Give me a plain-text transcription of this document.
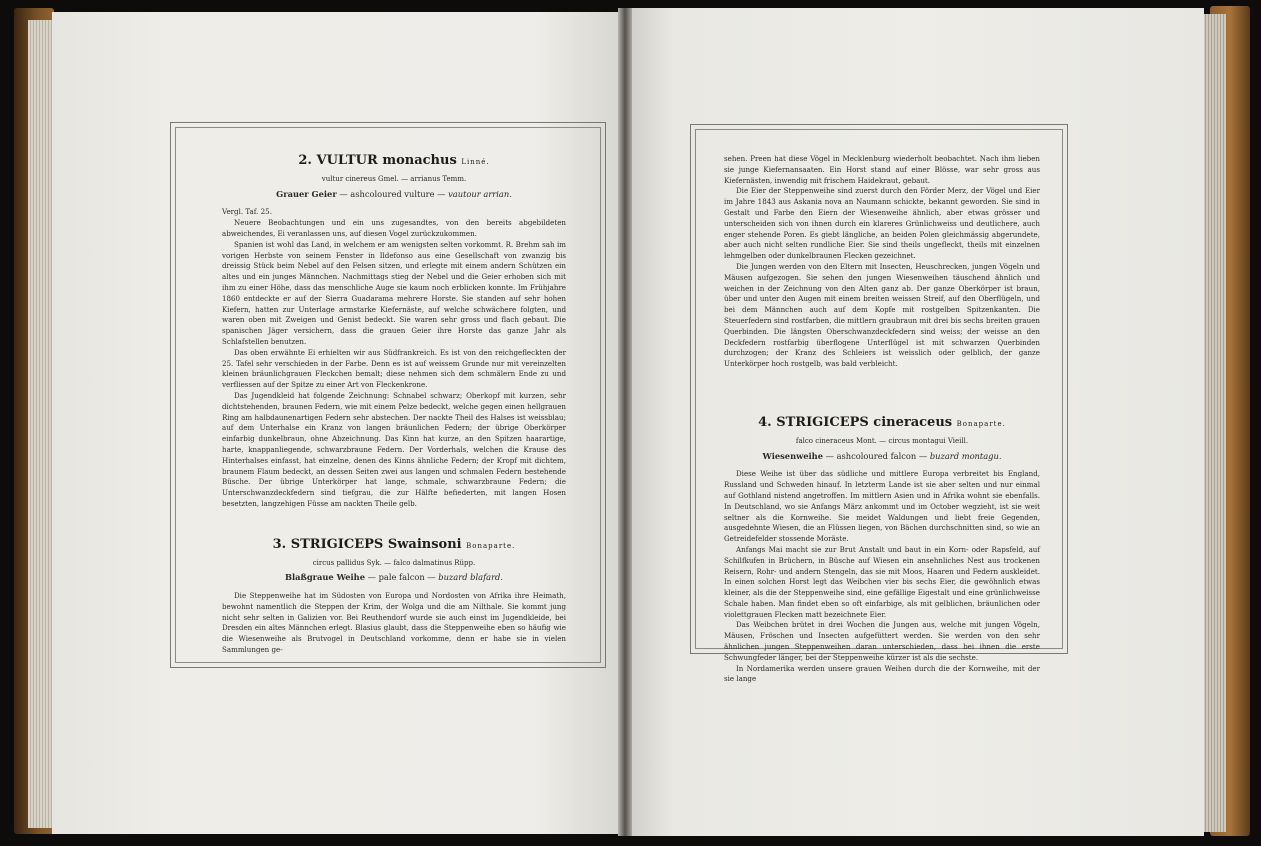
2. VULTUR monachus Linné.
vultur cinereus Gmel. — arrianus Temm.
Grauer Geier — ashcoloured vulture — vautour arrian.

Vergl. Taf. 25.

Neuere Beobachtungen und ein uns zugesandtes, von den bereits abgebildeten abweichendes, Ei veranlassen uns, auf diesen Vogel zurückzukommen.

Spanien ist wohl das Land, in welchem er am wenigsten selten vorkommt. R. Brehm sah im vorigen Herbste von seinem Fenster in Ildefonso aus eine Gesellschaft von zwanzig bis dreissig Stück beim Nebel auf den Felsen sitzen, und erlegte mit einem andern Schützen ein altes und ein junges Männchen. Nachmittags stieg der Nebel und die Geier erhoben sich mit ihm zu einer Höhe, dass das menschliche Auge sie kaum noch erblicken konnte. Im Frühjahre 1860 entdeckte er auf der Sierra Guadarama mehrere Horste. Sie standen auf sehr hohen Kiefern, hatten zur Unterlage armstarke Kiefernäste, auf welche schwächere folgten, und waren oben mit Zweigen und Genist bedeckt. Sie waren sehr gross und flach gebaut. Die spanischen Jäger versichern, dass die grauen Geier ihre Horste das ganze Jahr als Schlafstellen benutzen.

Das oben erwähnte Ei erhielten wir aus Südfrankreich. Es ist von den reichgefleckten der 25. Tafel sehr verschieden in der Farbe. Denn es ist auf weissem Grunde nur mit vereinzelten kleinen bräunlichgrauen Fleckchen bemalt; diese nehmen sich dem schmälern Ende zu und verfliessen auf der Spitze zu einer Art von Fleckenkrone.

Das Jugendkleid hat folgende Zeichnung: Schnabel schwarz; Oberkopf mit kurzen, sehr dichtstehenden, braunen Federn, wie mit einem Pelze bedeckt, welche gegen einen hellgrauen Ring am halbdaunenartigen Federn sehr abstechen. Der nackte Theil des Halses ist weissblau; auf dem Unterhalse ein Kranz von langen bräunlichen Federn; der übrige Oberkörper einfarbig dunkelbraun, ohne Abzeichnung. Das Kinn hat kurze, an den Spitzen haarartige, harte, knappanliegende, schwarzbraune Federn. Der Vorderhals, welchen die Krause des Hinterhalses einfasst, hat einzelne, denen des Kinns ähnliche Federn; der Kropf mit dichtem, braunem Flaum bedeckt, an dessen Seiten zwei aus langen und schmalen Federn bestehende Büsche. Der übrige Unterkörper hat lange, schmale, schwarzbraune Federn; die Unterschwanzdeckfedern sind tiefgrau, die zur Hälfte befiederten, mit langen Hosen besetzten, langzehigen Füsse am nackten Theile gelb.

3. STRIGICEPS Swainsoni Bonaparte.
circus pallidus Syk. — falco dalmatinus Rüpp.
Blaßgraue Weihe — pale falcon — buzard blafard.

Die Steppenweihe hat im Südosten von Europa und Nordosten von Afrika ihre Heimath, bewohnt namentlich die Steppen der Krim, der Wolga und die am Nilthale. Sie kommt jung nicht sehr selten in Galizien vor. Bei Reuthendorf wurde sie auch einst im Jugendkleide, bei Dresden ein altes Männchen erlegt. Blasius glaubt, dass die Steppenweihe eben so häufig wie die Wiesenweihe als Brutvogel in Deutschland vorkomme, denn er habe sie in vielen Sammlungen ge-

sehen. Preen hat diese Vögel in Mecklenburg wiederholt beobachtet. Nach ihm lieben sie junge Kiefernansaaten. Ein Horst stand auf einer Blösse, war sehr gross aus Kiefernästen, inwendig mit frischem Haidekraut, gebaut.

Die Eier der Steppenweihe sind zuerst durch den Förder Merz, der Vögel und Eier im Jahre 1843 aus Askania nova an Naumann schickte, bekannt geworden. Sie sind in Gestalt und Farbe den Eiern der Wiesenweihe ähnlich, aber etwas grösser und unterscheiden sich von ihnen durch ein klareres Grünlichweiss und deutlichere, auch enger stehende Poren. Es giebt längliche, an beiden Polen gleichmässig abgerundete, aber auch nicht selten rundliche Eier. Sie sind theils ungefleckt, theils mit einzelnen lehmgelben oder dunkelbraunen Flecken gezeichnet.

Die Jungen werden von den Eltern mit Insecten, Heuschrecken, jungen Vögeln und Mäusen aufgezogen. Sie sehen den jungen Wiesenweihen täuschend ähnlich und weichen in der Zeichnung von den Alten ganz ab. Der ganze Oberkörper ist braun, über und unter den Augen mit einem breiten weissen Streif, auf den Oberflügeln, und bei dem Männchen auch auf dem Kopfe mit rostgelben Spitzenkanten. Die Steuerfedern sind rostfarben, die mittlern graubraun mit drei bis sechs breiten grauen Querbinden. Die längsten Oberschwanzdeckfedern sind weiss; der weisse an den Deckfedern rostfarbig überflogene Unterflügel ist mit schwarzen Querbinden durchzogen; der Kranz des Schleiers ist weisslich oder gelblich, der ganze Unterkörper hoch rostgelb, was bald verbleicht.

4. STRIGICEPS cineraceus Bonaparte.
falco cineraceus Mont. — circus montagui Vieill.
Wiesenweihe — ashcoloured falcon — buzard montagu.

Diese Weihe ist über das südliche und mittlere Europa verbreitet bis England, Russland und Schweden hinauf. In letzterm Lande ist sie aber selten und nur einmal auf Gothland nistend angetroffen. Im mittlern Asien und in Afrika wohnt sie ebenfalls. In Deutschland, wo sie Anfangs März ankommt und im October wegzieht, ist sie weit seltner als die Kornweihe. Sie meidet Waldungen und liebt freie Gegenden, ausgedehnte Wiesen, die an Flüssen liegen, von Bächen durchschnitten sind, so wie an Getreidefelder stossende Moräste.

Anfangs Mai macht sie zur Brut Anstalt und baut in ein Korn- oder Rapsfeld, auf Schilfkufen in Brüchern, in Büsche auf Wiesen ein ansehnliches Nest aus trockenen Reisern, Rohr- und andern Stengeln, das sie mit Moos, Haaren und Federn auskleidet. In einen solchen Horst legt das Weibchen vier bis sechs Eier, die gewöhnlich etwas kleiner, als die der Steppenweihe sind, eine gefällige Eigestalt und eine grünlichweisse Schale haben. Man findet eben so oft einfarbige, als mit gelblichen, bräunlichen oder violettgrauen Flecken matt bezeichnete Eier.

Das Weibchen brütet in drei Wochen die Jungen aus, welche mit jungen Vögeln, Mäusen, Fröschen und Insecten aufgefüttert werden. Sie werden von den sehr ähnlichen jungen Steppenweihen daran unterschieden, dass bei ihnen die erste Schwungfeder länger, bei der Steppenweihe kürzer ist als die sechste.

In Nordamerika werden unsere grauen Weihen durch die der Kornweihe, mit der sie lange
